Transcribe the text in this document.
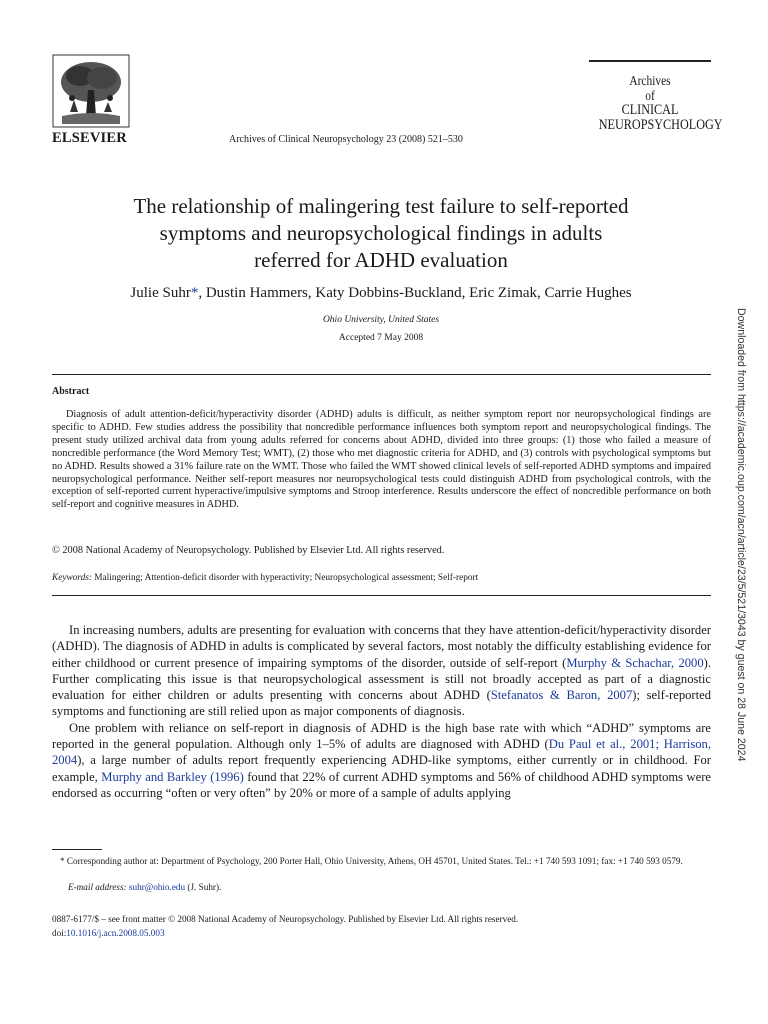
ELSEVIER	Archives of Clinical Neuropsychology 23 (2008) 521–530
Archives
of
CLINICAL
NEUROPSYCHOLOGY
The relationship of malingering test failure to self-reported
symptoms and neuropsychological findings in adults
referred for ADHD evaluation
Julie Suhr*, Dustin Hammers, Katy Dobbins-Buckland, Eric Zimak, Carrie Hughes
Ohio University, United States
Accepted 7 May 2008
Abstract
Diagnosis of adult attention-deficit/hyperactivity disorder (ADHD) adults is difficult, as neither symptom report nor neuropsychological findings are specific to ADHD. Few studies address the possibility that noncredible performance influences both symptom report and neuropsychological findings. The present study utilized archival data from young adults referred for concerns about ADHD, divided into three groups: (1) those who failed a measure of noncredible performance (the Word Memory Test; WMT), (2) those who met diagnostic criteria for ADHD, and (3) controls with psychological symptoms but no ADHD. Results showed a 31% failure rate on the WMT. Those who failed the WMT showed clinical levels of self-reported ADHD symptoms and impaired neuropsychological performance. Neither self-report measures nor neuropsychological tests could distinguish ADHD from psychological controls, with the exception of self-reported current hyperactive/impulsive symptoms and Stroop interference. Results underscore the effect of noncredible performance on both self-report and cognitive measures in ADHD.
© 2008 National Academy of Neuropsychology. Published by Elsevier Ltd. All rights reserved.
Keywords: Malingering; Attention-deficit disorder with hyperactivity; Neuropsychological assessment; Self-report

In increasing numbers, adults are presenting for evaluation with concerns that they have attention-deficit/hyperactivity disorder (ADHD). The diagnosis of ADHD in adults is complicated by several factors, most notably the difficulty establishing evidence for either childhood or current presence of impairing symptoms of the disorder, outside of self-report (Murphy & Schachar, 2000). Further complicating this issue is that neuropsychological assessment is still not broadly accepted as part of a diagnostic evaluation for either children or adults presenting with concerns about ADHD (Stefanatos & Baron, 2007); self-reported symptoms and functioning are still relied upon as major components of diagnosis.

One problem with reliance on self-report in diagnosis of ADHD is the high base rate with which “ADHD” symptoms are reported in the general population. Although only 1–5% of adults are diagnosed with ADHD (Du Paul et al., 2001; Harrison, 2004), a large number of adults report frequently experiencing ADHD-like symptoms, either currently or in childhood. For example, Murphy and Barkley (1996) found that 22% of current ADHD symptoms and 56% of childhood ADHD symptoms were endorsed as occurring “often or very often” by 20% or more of a sample of adults applying

* Corresponding author at: Department of Psychology, 200 Porter Hall, Ohio University, Athens, OH 45701, United States. Tel.: +1 740 593 1091; fax: +1 740 593 0579.
E-mail address: suhr@ohio.edu (J. Suhr).
0887-6177/$ – see front matter © 2008 National Academy of Neuropsychology. Published by Elsevier Ltd. All rights reserved.
doi:10.1016/j.acn.2008.05.003
Downloaded from https://academic.oup.com/acn/article/23/5/521/3043 by guest on 28 June 2024
